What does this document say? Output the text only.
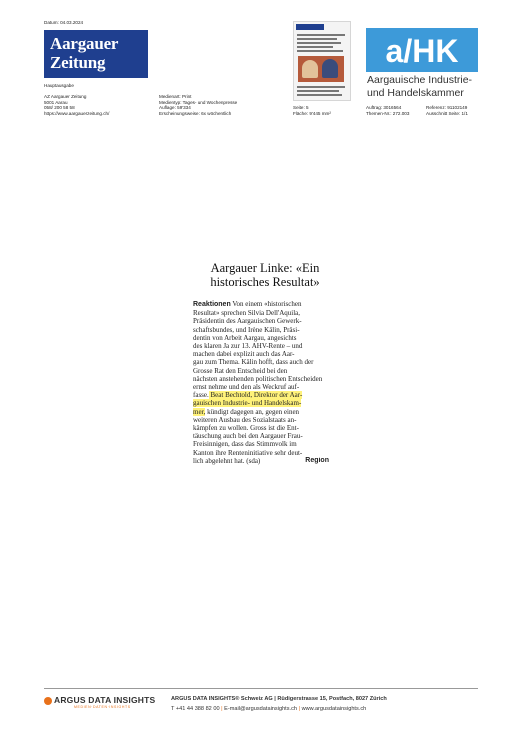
Datum: 04.03.2024
Aargauer
Zeitung
Hauptausgabe
AZ Aargauer Zeitung
5001 Aarau
058/ 200 58 58
https://www.aargauerzeitung.ch/
Medienart: Print
Medientyp: Tages- und Wochenpresse
Auflage: 59'334
Erscheinungsweise: 6x wöchentlich
Seite: 5
Fläche: 9'445 mm²
Auftrag: 3016564
Themen-Nr.: 272.003
Referenz: 91102149
Ausschnitt Seite: 1/1
a/HK
Aargauische Industrie-
und Handelskammer
Aargauer Linke: «Ein
historisches Resultat»
Reaktionen Von einem «historischen
Resultat» sprechen Silvia Dell'Aquila,
Präsidentin des Aargauischen Gewerk-
schaftsbundes, und Irène Kälin, Präsi-
dentin von Arbeit Aargau, angesichts
des klaren Ja zur 13. AHV-Rente – und
machen dabei explizit auch das Aar-
gau zum Thema. Kälin hofft, dass auch der
Grosse Rat den Entscheid bei den
nächsten anstehenden politischen Entscheiden
ernst nehme und den als Weckruf auf-
fasse. Beat Bechtold, Direktor der Aar-
gauischen Industrie- und Handelskam-
mer, kündigt dagegen an, gegen einen
weiteren Ausbau des Sozialstaats an-
kämpfen zu wollen. Gross ist die Ent-
täuschung auch bei den Aargauer Frau-
Freisinnigen, dass das Stimmvolk im
Kanton ihre Renteninitiative sehr deut-
lich abgelehnt hat. (sda)	Region
ARGUS DATA INSIGHTS
MEDIEN·DATEN·INSIGHTS
ARGUS DATA INSIGHTS® Schweiz AG | Rüdigerstrasse 15, Postfach, 8027 Zürich
T +41 44 388 82 00 | E-mail@argusdatainsights.ch | www.argusdatainsights.ch
